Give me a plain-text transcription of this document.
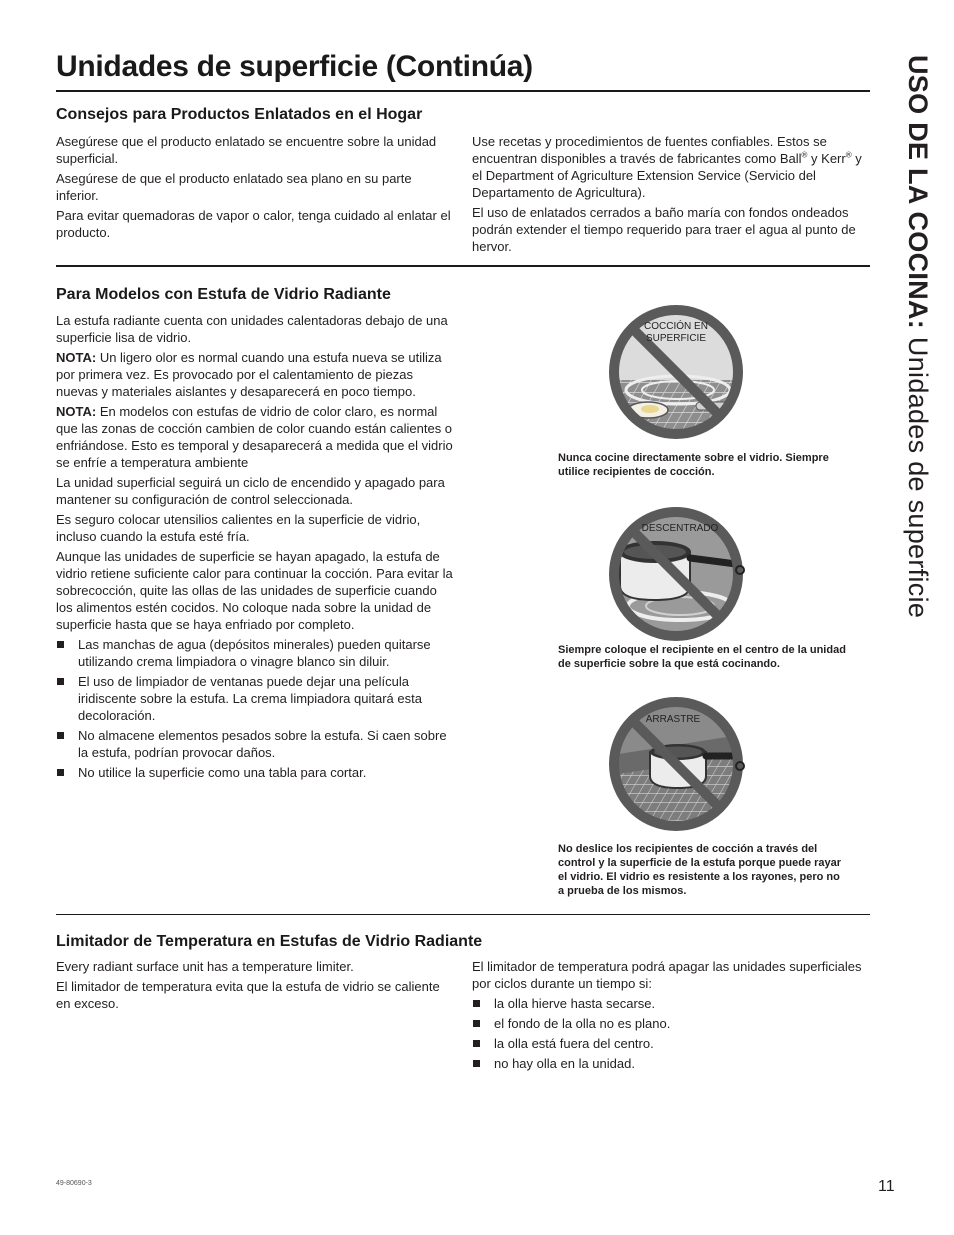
Unidades de superficie (Continúa)	USO DE LA COCINA: Unidades de superficie
Consejos para Productos Enlatados en el Hogar

Asegúrese que el producto enlatado se encuentre sobre la unidad superficial.

Asegúrese de que el producto enlatado sea plano en su parte inferior.

Para evitar quemadoras de vapor o calor, tenga cuidado al enlatar el producto.

Use recetas y procedimientos de fuentes confiables. Estos se encuentran disponibles a través de fabricantes como Ball® y Kerr® y el Department of Agriculture Extension Service (Servicio del Departamento de Agricultura).

El uso de enlatados cerrados a baño maría con fondos ondeados podrán extender el tiempo requerido para traer el agua al punto de hervor.

Para Modelos con Estufa de Vidrio Radiante

La estufa radiante cuenta con unidades calentadoras debajo de una superficie lisa de vidrio.

NOTA: Un ligero olor es normal cuando una estufa nueva se utiliza por primera vez. Es provocado por el calentamiento de piezas nuevas y materiales aislantes y desaparecerá en poco tiempo.

NOTA: En modelos con estufas de vidrio de color claro, es normal que las zonas de cocción cambien de color cuando están calientes o enfriándose. Esto es temporal y desaparecerá a medida que el vidrio se enfríe a temperatura ambiente

La unidad superficial seguirá un ciclo de encendido y apagado para mantener su configuración de control seleccionada.

Es seguro colocar utensilios calientes en la superficie de vidrio, incluso cuando la estufa esté fría.

Aunque las unidades de superficie se hayan apagado, la estufa de vidrio retiene suficiente calor para continuar la cocción. Para evitar la sobrecocción, quite las ollas de las unidades de superficie cuando los alimentos estén cocidos. No coloque nada sobre la unidad de superficie hasta que se haya enfriado por completo.

Las manchas de agua (depósitos minerales) pueden quitarse utilizando crema limpiadora o vinagre blanco sin diluir.
El uso de limpiador de ventanas puede dejar una película iridiscente sobre la estufa. La crema limpiadora quitará esta decoloración.
No almacene elementos pesados sobre la estufa. Si caen sobre la estufa, podrían provocar daños.
No utilice la superficie como una tabla para cortar.
COCCIÓN EN
SUPERFICIE

Nunca cocine directamente sobre el vidrio. Siempre utilice recipientes de cocción.

DESCENTRADO

Siempre coloque el recipiente en el centro de la unidad de superficie sobre la que está cocinando.

ARRASTRE

No deslice los recipientes de cocción a través del control y la superficie de la estufa porque puede rayar el vidrio. El vidrio es resistente a los rayones, pero no a prueba de los mismos.

Limitador de Temperatura en Estufas de Vidrio Radiante

Every radiant surface unit has a temperature limiter.

El limitador de temperatura evita que la estufa de vidrio se caliente en exceso.

El limitador de temperatura podrá apagar las unidades superficiales por ciclos durante un tiempo si:

la olla hierve hasta secarse.
el fondo de la olla no es plano.
la olla está fuera del centro.
no hay olla en la unidad.
49-80690-3	11
